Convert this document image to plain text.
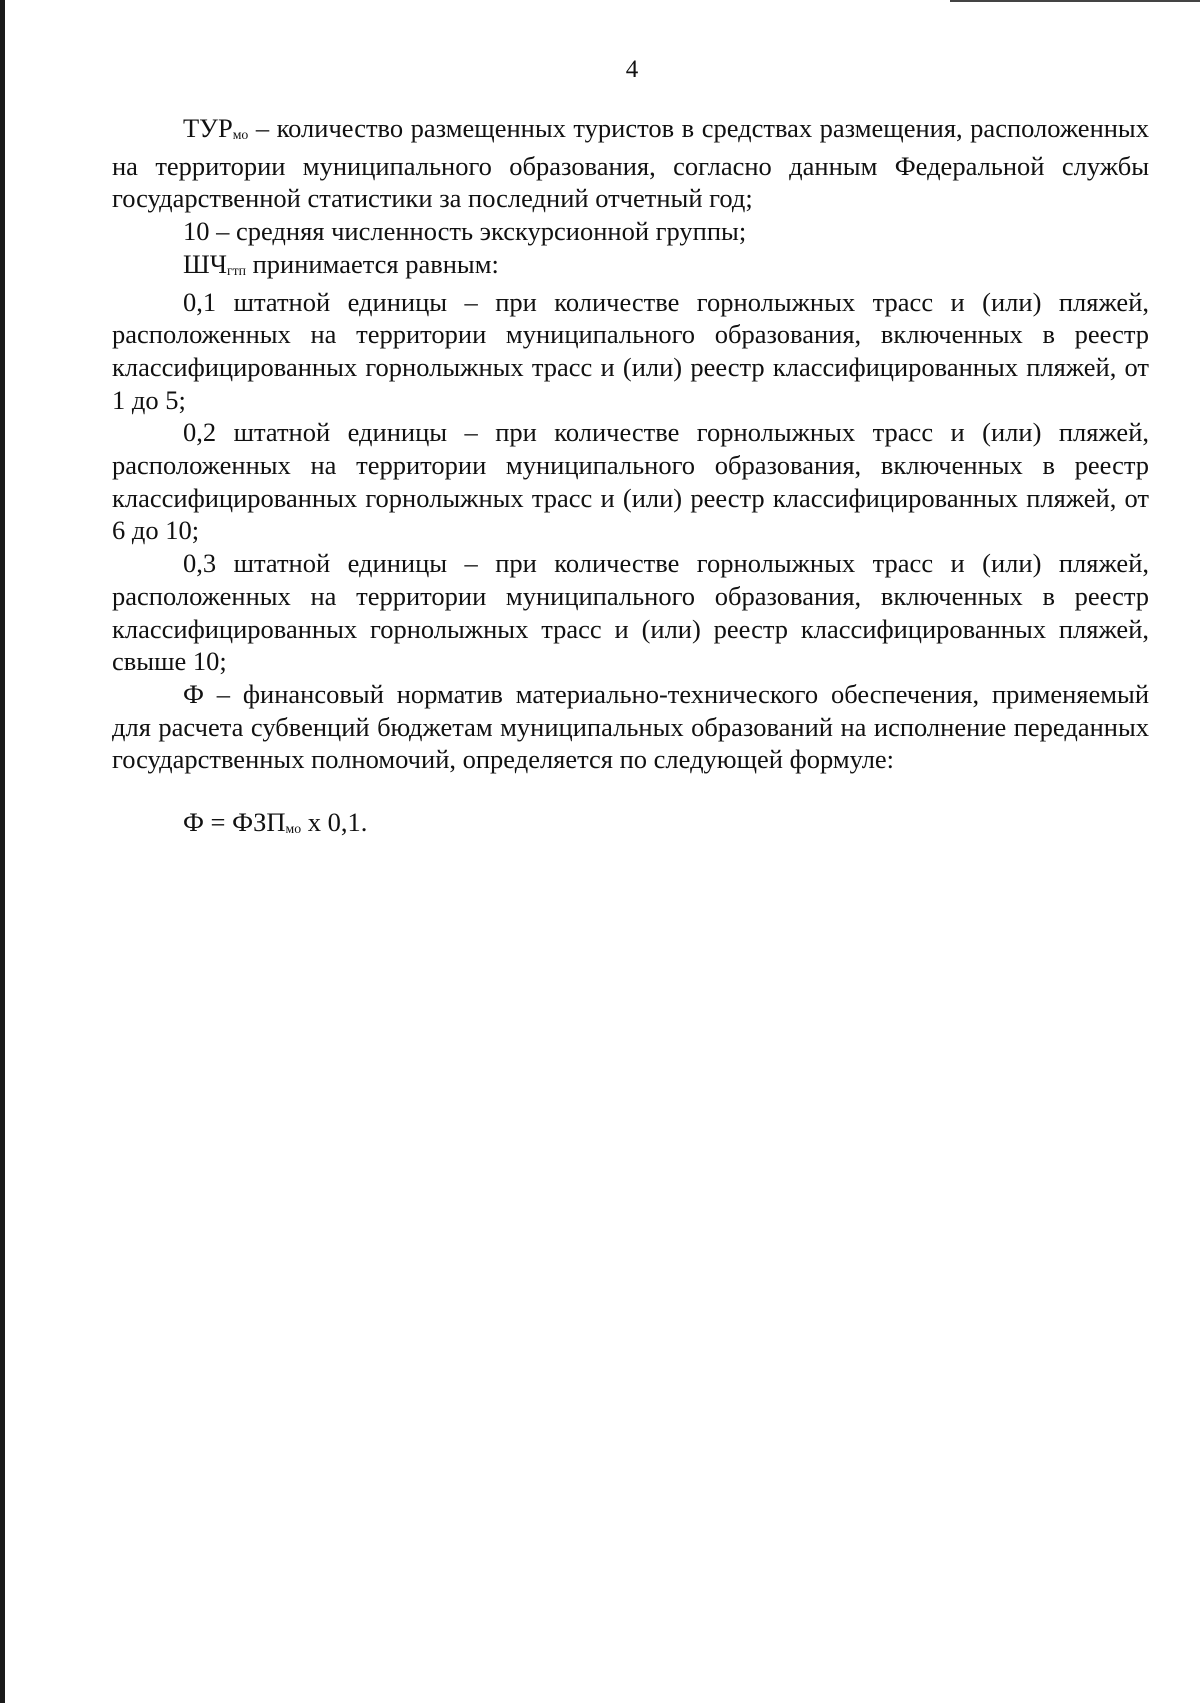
4

$ТУР_{мо}$ – количество размещенных туристов в средствах размещения, расположенных на территории муниципального образования, согласно данным Федеральной службы государственной статистики за последний отчетный год;

10 – средняя численность экскурсионной группы;

$ШЧ_{гтп}$ принимается равным:

0,1 штатной единицы – при количестве горнолыжных трасс и (или) пляжей, расположенных на территории муниципального образования, включенных в реестр классифицированных горнолыжных трасс и (или) реестр классифицированных пляжей, от 1 до 5;

0,2 штатной единицы – при количестве горнолыжных трасс и (или) пляжей, расположенных на территории муниципального образования, включенных в реестр классифицированных горнолыжных трасс и (или) реестр классифицированных пляжей, от 6 до 10;

0,3 штатной единицы – при количестве горнолыжных трасс и (или) пляжей, расположенных на территории муниципального образования, включенных в реестр классифицированных горнолыжных трасс и (или) реестр классифицированных пляжей, свыше 10;

Ф – финансовый норматив материально-технического обеспечения, применяемый для расчета субвенций бюджетам муниципальных образований на исполнение переданных государственных полномочий, определяется по следующей формуле:

$Ф = ФЗП_{мо}$ х 0,1.
